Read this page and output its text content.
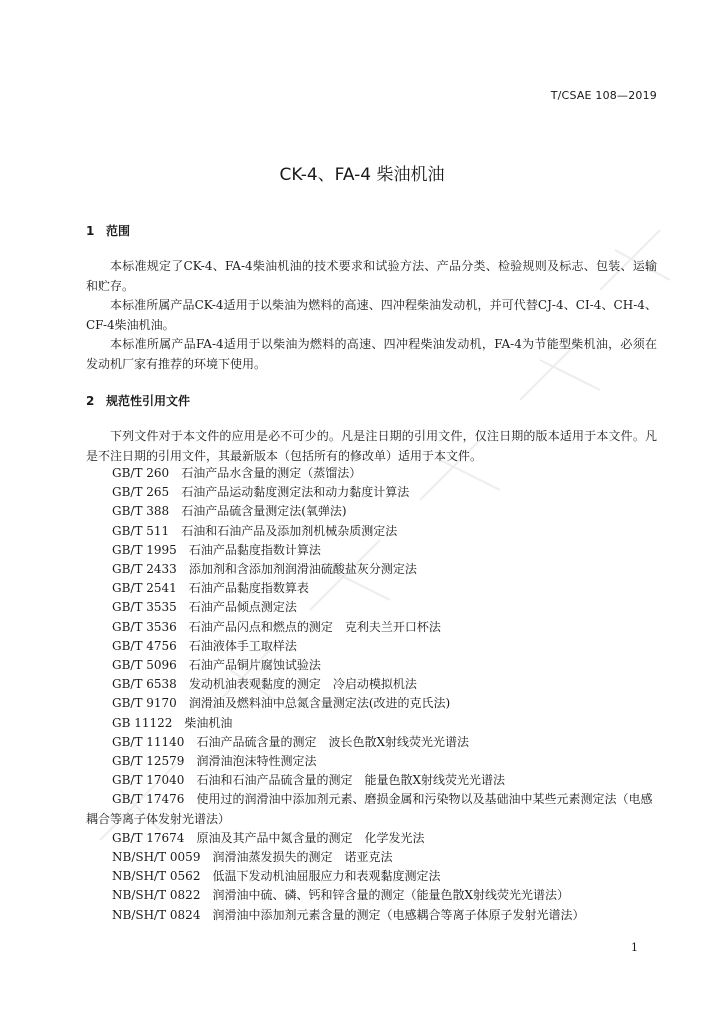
T/CSAE 108—2019
CK-4、FA-4 柴油机油
1 范围

本标准规定了CK-4、FA-4柴油机油的技术要求和试验方法、产品分类、检验规则及标志、包装、运输和贮存。

本标准所属产品CK-4适用于以柴油为燃料的高速、四冲程柴油发动机，并可代替CJ-4、CI-4、CH-4、CF-4柴油机油。

本标准所属产品FA-4适用于以柴油为燃料的高速、四冲程柴油发动机，FA-4为节能型柴机油，必须在发动机厂家有推荐的环境下使用。

2 规范性引用文件

下列文件对于本文件的应用是必不可少的。凡是注日期的引用文件，仅注日期的版本适用于本文件。凡是不注日期的引用文件，其最新版本（包括所有的修改单）适用于本文件。

GB/T 260　 石油产品水含量的测定（蒸馏法）
GB/T 265　 石油产品运动黏度测定法和动力黏度计算法
GB/T 388　 石油产品硫含量测定法(氧弹法)
GB/T 511　 石油和石油产品及添加剂机械杂质测定法
GB/T 1995　 石油产品黏度指数计算法
GB/T 2433　 添加剂和含添加剂润滑油硫酸盐灰分测定法
GB/T 2541　 石油产品黏度指数算表
GB/T 3535　 石油产品倾点测定法
GB/T 3536　 石油产品闪点和燃点的测定　克利夫兰开口杯法
GB/T 4756　 石油液体手工取样法
GB/T 5096　 石油产品铜片腐蚀试验法
GB/T 6538　 发动机油表观黏度的测定　冷启动模拟机法
GB/T 9170　 润滑油及燃料油中总氮含量测定法(改进的克氏法)
GB 11122　 柴油机油
GB/T 11140　 石油产品硫含量的测定　波长色散X射线荧光光谱法
GB/T 12579　 润滑油泡沫特性测定法
GB/T 17040　 石油和石油产品硫含量的测定　能量色散X射线荧光光谱法
GB/T 17476　 使用过的润滑油中添加剂元素、磨损金属和污染物以及基础油中某些元素测定法（电感耦合等离子体发射光谱法）
GB/T 17674　 原油及其产品中氮含量的测定　化学发光法
NB/SH/T 0059　 润滑油蒸发损失的测定　诺亚克法
NB/SH/T 0562　 低温下发动机油屈服应力和表观黏度测定法
NB/SH/T 0822　 润滑油中硫、磷、钙和锌含量的测定（能量色散X射线荧光光谱法）
NB/SH/T 0824　 润滑油中添加剂元素含量的测定（电感耦合等离子体原子发射光谱法）
1
